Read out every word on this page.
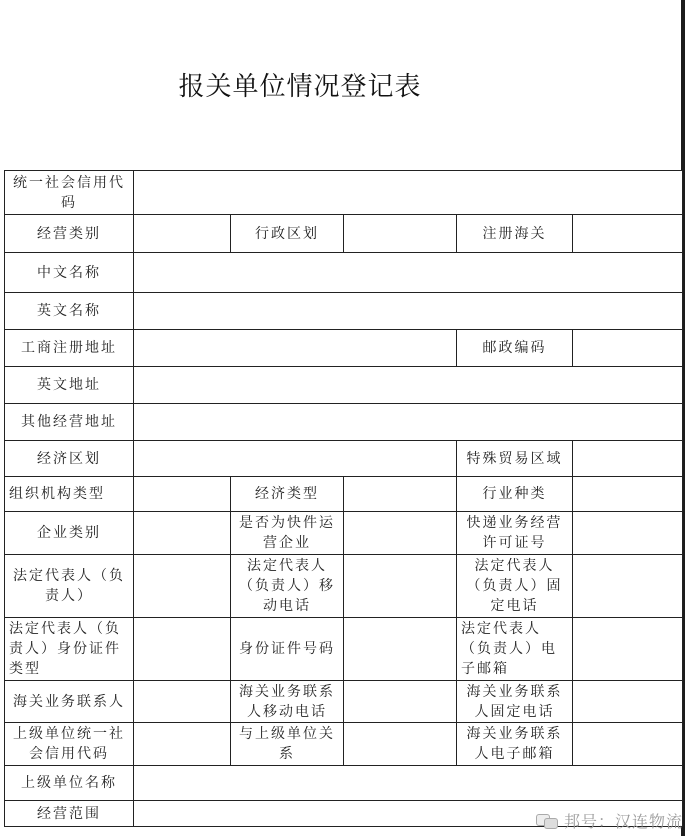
报关单位情况登记表
统一社会信用代码					
经营类别		行政区划		注册海关	
中文名称					
英文名称					
工商注册地址				邮政编码	
英文地址					
其他经营地址					
经济区划				特殊贸易区域	
组织机构类型		经济类型		行业种类	
企业类别		是否为快件运营企业		快递业务经营许可证号	
法定代表人（负责人）		法定代表人（负责人）移动电话		法定代表人（负责人）固定电话	
法定代表人（负责人）身份证件类型		身份证件号码		法定代表人（负责人）电子邮箱	
海关业务联系人		海关业务联系人移动电话		海关业务联系人固定电话	
上级单位统一社会信用代码		与上级单位关系		海关业务联系人电子邮箱	
上级单位名称					
经营范围						邦号：汉连物流
